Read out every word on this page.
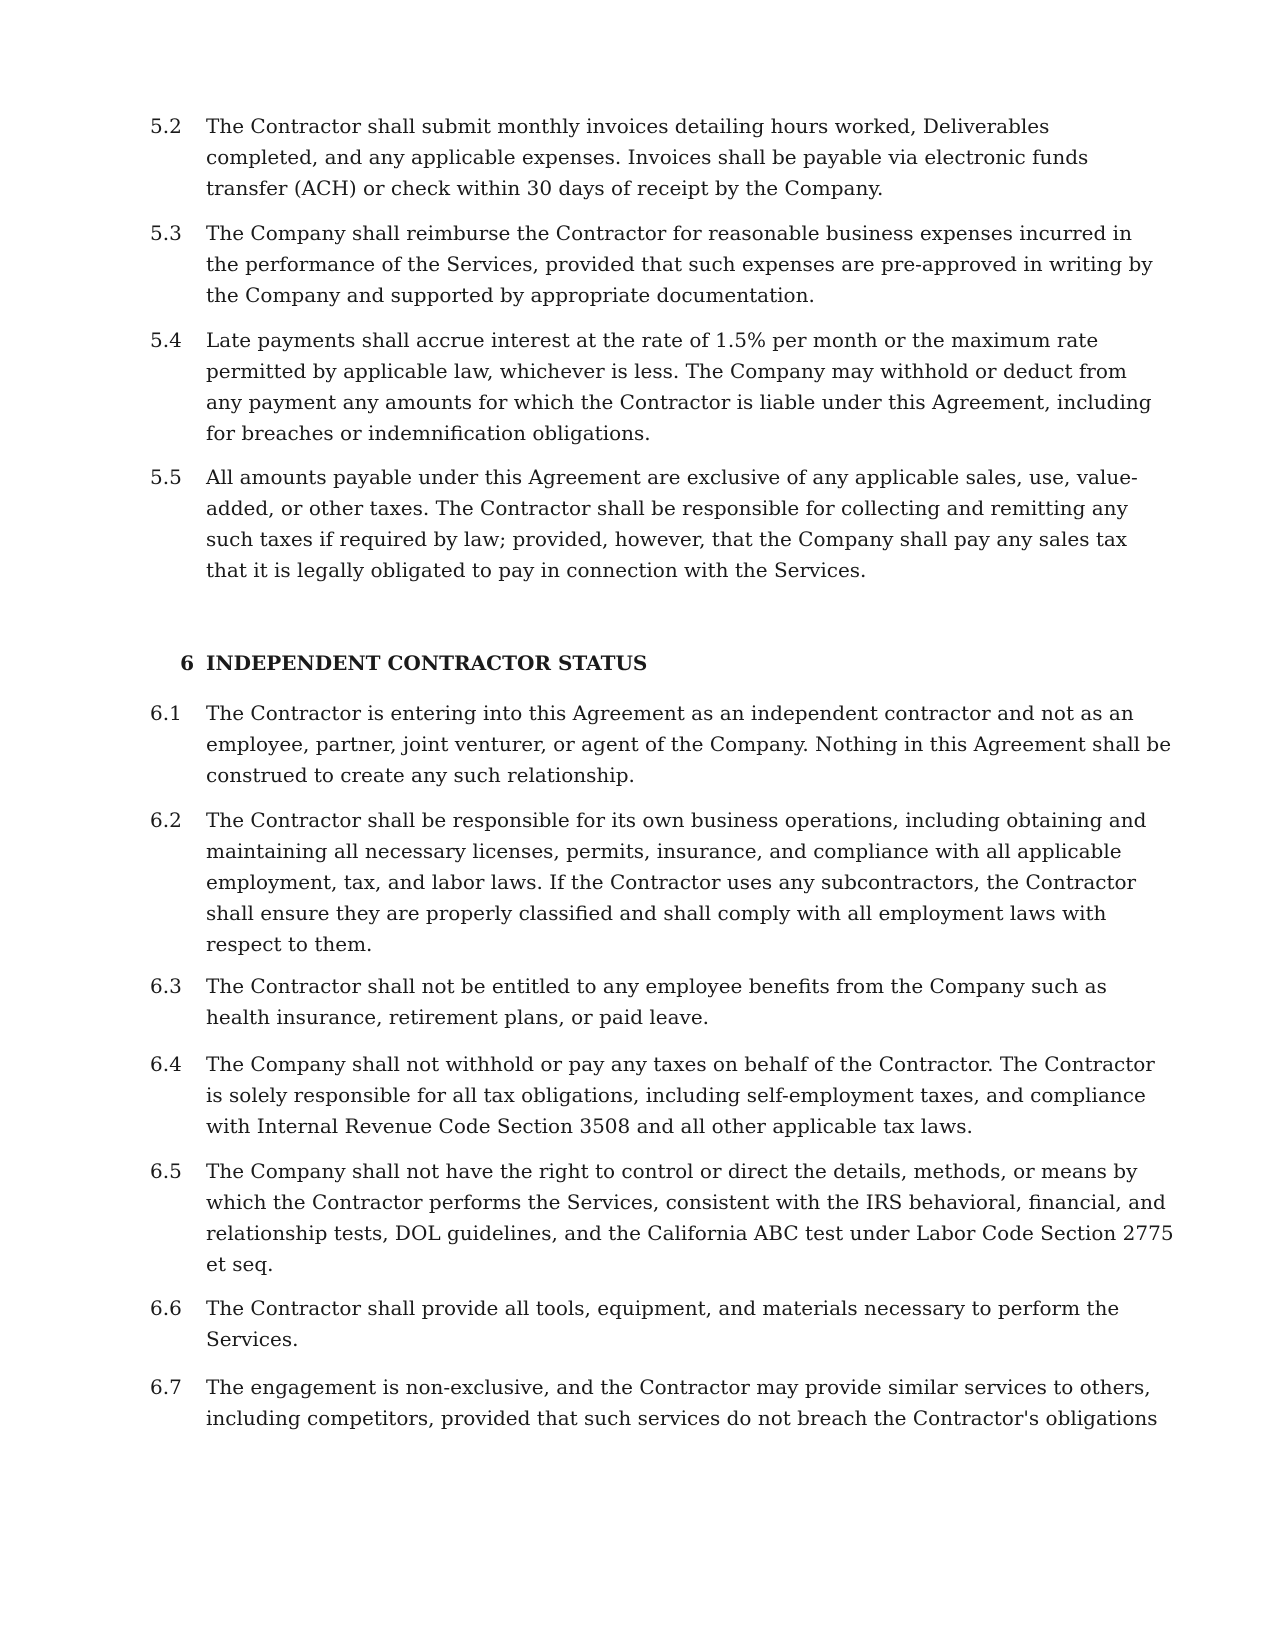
5.2	The Contractor shall submit monthly invoices detailing hours worked, Deliverables
completed, and any applicable expenses. Invoices shall be payable via electronic funds
transfer (ACH) or check within 30 days of receipt by the Company.
5.3	The Company shall reimburse the Contractor for reasonable business expenses incurred in
the performance of the Services, provided that such expenses are pre-approved in writing by
the Company and supported by appropriate documentation.
5.4	Late payments shall accrue interest at the rate of 1.5% per month or the maximum rate
permitted by applicable law, whichever is less. The Company may withhold or deduct from
any payment any amounts for which the Contractor is liable under this Agreement, including
for breaches or indemnification obligations.
5.5	All amounts payable under this Agreement are exclusive of any applicable sales, use, value-
added, or other taxes. The Contractor shall be responsible for collecting and remitting any
such taxes if required by law; provided, however, that the Company shall pay any sales tax
that it is legally obligated to pay in connection with the Services.
6 INDEPENDENT CONTRACTOR STATUS
6.1	The Contractor is entering into this Agreement as an independent contractor and not as an
employee, partner, joint venturer, or agent of the Company. Nothing in this Agreement shall be
construed to create any such relationship.
6.2	The Contractor shall be responsible for its own business operations, including obtaining and
maintaining all necessary licenses, permits, insurance, and compliance with all applicable
employment, tax, and labor laws. If the Contractor uses any subcontractors, the Contractor
shall ensure they are properly classified and shall comply with all employment laws with
respect to them.
6.3	The Contractor shall not be entitled to any employee benefits from the Company such as
health insurance, retirement plans, or paid leave.
6.4	The Company shall not withhold or pay any taxes on behalf of the Contractor. The Contractor
is solely responsible for all tax obligations, including self-employment taxes, and compliance
with Internal Revenue Code Section 3508 and all other applicable tax laws.
6.5	The Company shall not have the right to control or direct the details, methods, or means by
which the Contractor performs the Services, consistent with the IRS behavioral, financial, and
relationship tests, DOL guidelines, and the California ABC test under Labor Code Section 2775
et seq.
6.6	The Contractor shall provide all tools, equipment, and materials necessary to perform the
Services.
6.7	The engagement is non-exclusive, and the Contractor may provide similar services to others,
including competitors, provided that such services do not breach the Contractor's obligations
